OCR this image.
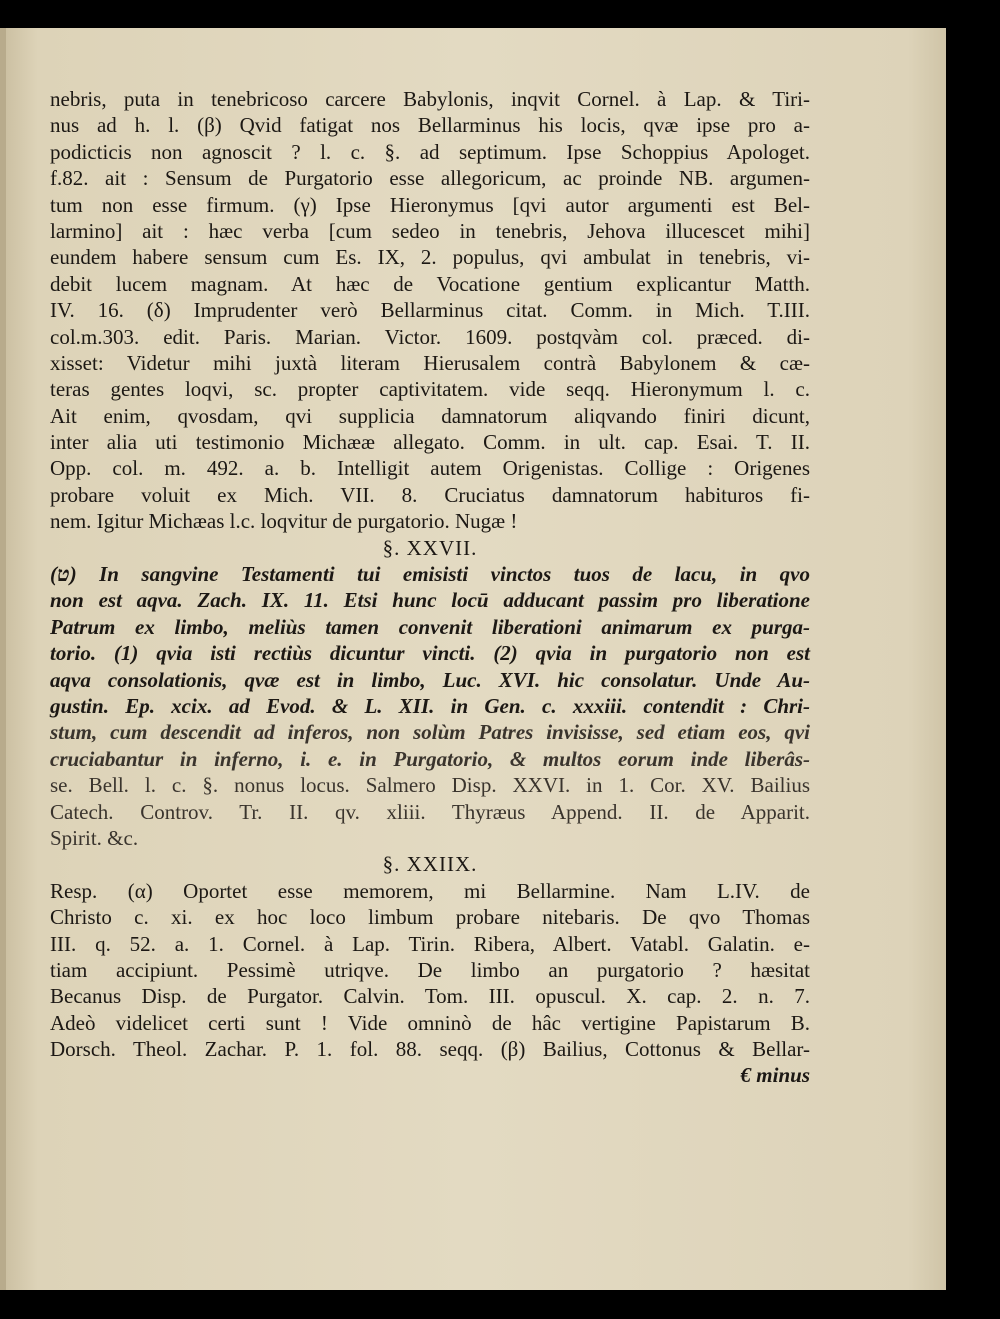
nebris, puta in tenebricoso carcere Babylonis, inqvit Cornel. à Lap. & Tiri-
nus ad h. l. (β) Qvid fatigat nos Bellarminus his locis, qvæ ipse pro a-
podicticis non agnoscit ? l. c. §. ad septimum. Ipse Schoppius Apologet.
f.82. ait : Sensum de Purgatorio esse allegoricum, ac proinde NB. argumen-
tum non esse firmum. (γ) Ipse Hieronymus [qvi autor argumenti est Bel-
larmino] ait : hæc verba [cum sedeo in tenebris, Jehova illucescet mihi]
eundem habere sensum cum Es. IX, 2. populus, qvi ambulat in tenebris, vi-
debit lucem magnam. At hæc de Vocatione gentium explicantur Matth.
IV. 16. (δ) Imprudenter verò Bellarminus citat. Comm. in Mich. T.III.
col.m.303. edit. Paris. Marian. Victor. 1609. postqvàm col. præced. di-
xisset: Videtur mihi juxtà literam Hierusalem contrà Babylonem & cæ-
teras gentes loqvi, sc. propter captivitatem. vide seqq. Hieronymum l. c.
Ait enim, qvosdam, qvi supplicia damnatorum aliqvando finiri dicunt,
inter alia uti testimonio Michææ allegato. Comm. in ult. cap. Esai. T. II.
Opp. col. m. 492. a. b. Intelligit autem Origenistas. Collige : Origenes
probare voluit ex Mich. VII. 8. Cruciatus damnatorum habituros fi-
nem. Igitur Michæas l.c. loqvitur de purgatorio. Nugæ !
§. XXVII.
(ט) In sangvine Testamenti tui emisisti vinctos tuos de lacu, in qvo
non est aqva. Zach. IX. 11. Etsi hunc locū adducant passim pro liberatione
Patrum ex limbo, meliùs tamen convenit liberationi animarum ex purga-
torio. (1) qvia isti rectiùs dicuntur vincti. (2) qvia in purgatorio non est
aqva consolationis, qvæ est in limbo, Luc. XVI. hic consolatur. Unde Au-
gustin. Ep. xcix. ad Evod. & L. XII. in Gen. c. xxxiii. contendit : Chri-
stum, cum descendit ad inferos, non solùm Patres invisisse, sed etiam eos, qvi
cruciabantur in inferno, i. e. in Purgatorio, & multos eorum inde liberâs-
se. Bell. l. c. §. nonus locus. Salmero Disp. XXVI. in 1. Cor. XV. Bailius
Catech. Controv. Tr. II. qv. xliii. Thyræus Append. II. de Apparit.
Spirit. &c.
§. XXIIX.
Resp. (α) Oportet esse memorem, mi Bellarmine. Nam L.IV. de
Christo c. xi. ex hoc loco limbum probare nitebaris. De qvo Thomas
III. q. 52. a. 1. Cornel. à Lap. Tirin. Ribera, Albert. Vatabl. Galatin. e-
tiam accipiunt. Pessimè utriqve. De limbo an purgatorio ? hæsitat
Becanus Disp. de Purgator. Calvin. Tom. III. opuscul. X. cap. 2. n. 7.
Adeò videlicet certi sunt ! Vide omninò de hâc vertigine Papistarum B.
Dorsch. Theol. Zachar. P. 1. fol. 88. seqq. (β) Bailius, Cottonus & Bellar-
€ minus
